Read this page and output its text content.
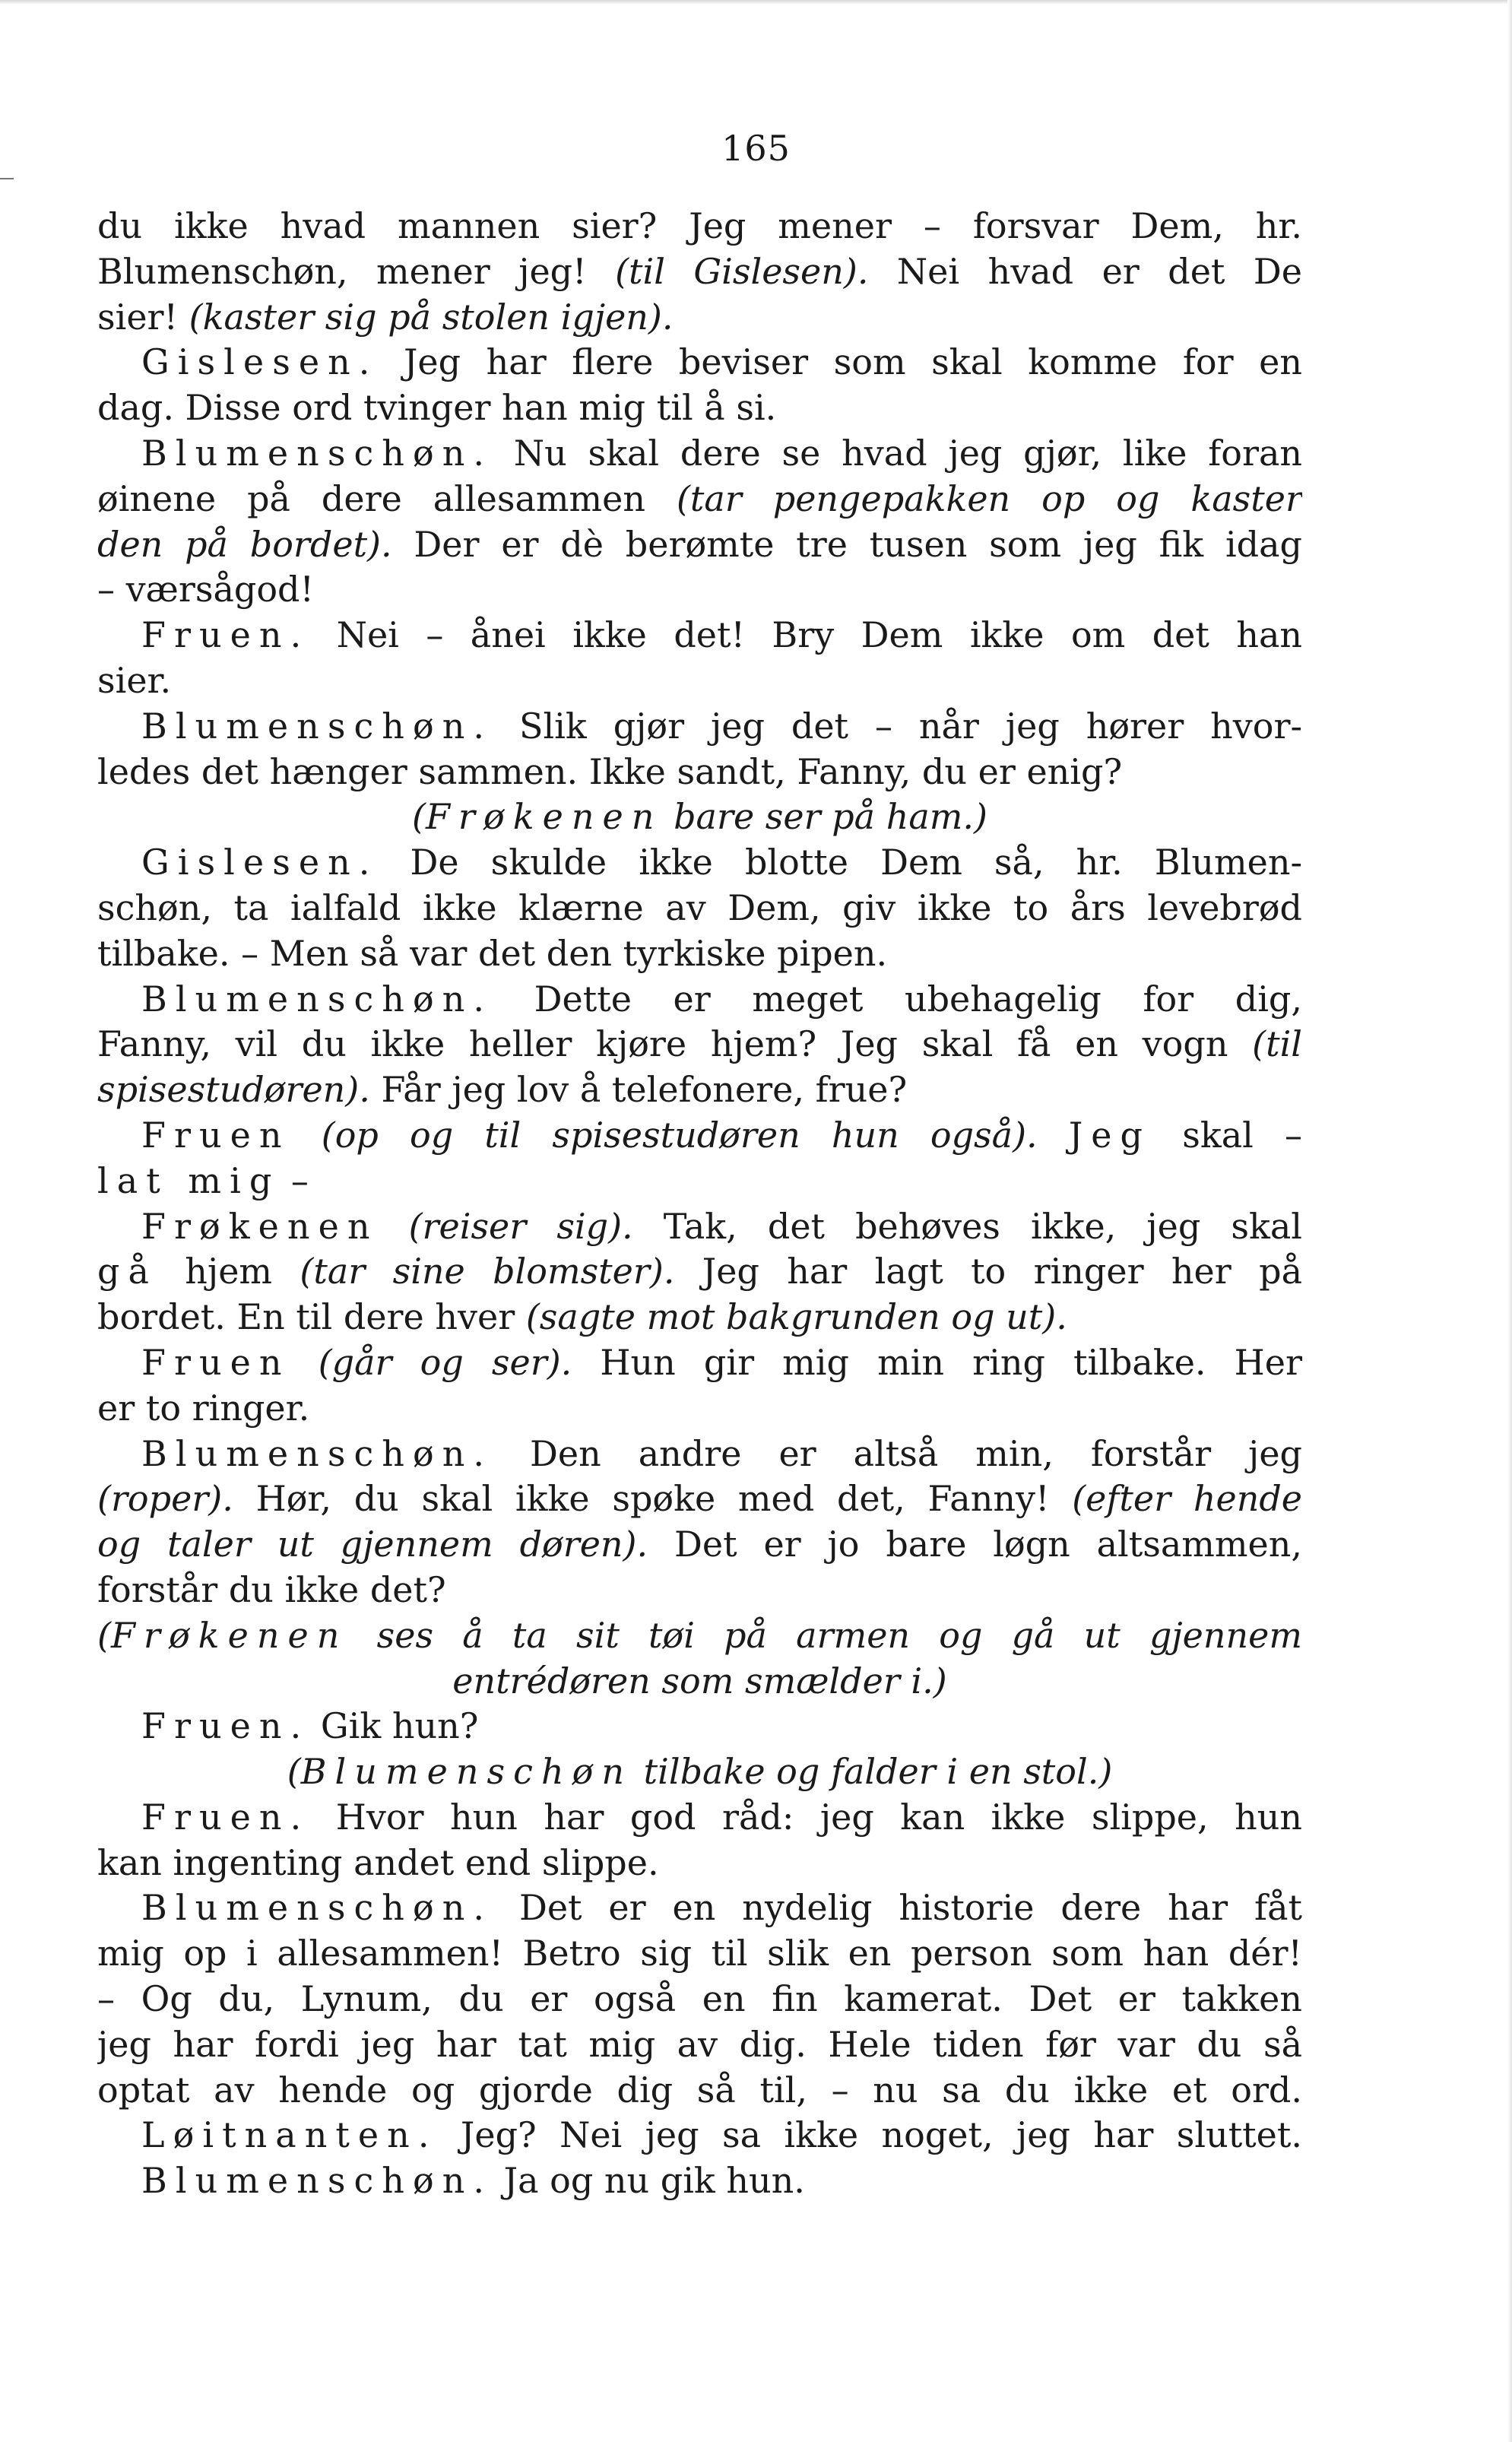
165
du ikke hvad mannen sier? Jeg mener – forsvar Dem, hr.
Blumenschøn, mener jeg! (til Gislesen). Nei hvad er det De
sier! (kaster sig på stolen igjen).
Gislesen. Jeg har flere beviser som skal komme for en
dag. Disse ord tvinger han mig til å si.
Blumenschøn. Nu skal dere se hvad jeg gjør, like foran
øinene på dere allesammen (tar pengepakken op og kaster
den på bordet). Der er dè berømte tre tusen som jeg fik idag
– værsågod!
Fruen. Nei – ånei ikke det! Bry Dem ikke om det han
sier.
Blumenschøn. Slik gjør jeg det – når jeg hører hvor-
ledes det hænger sammen. Ikke sandt, Fanny, du er enig?
(Frøkenen bare ser på ham.)
Gislesen. De skulde ikke blotte Dem så, hr. Blumen-
schøn, ta ialfald ikke klærne av Dem, giv ikke to års levebrød
tilbake. – Men så var det den tyrkiske pipen.
Blumenschøn. Dette er meget ubehagelig for dig,
Fanny, vil du ikke heller kjøre hjem? Jeg skal få en vogn (til
spisestudøren). Får jeg lov å telefonere, frue?
Fruen (op og til spisestudøren hun også). Jeg skal –
lat mig –
Frøkenen (reiser sig). Tak, det behøves ikke, jeg skal
gå hjem (tar sine blomster). Jeg har lagt to ringer her på
bordet. En til dere hver (sagte mot bakgrunden og ut).
Fruen (går og ser). Hun gir mig min ring tilbake. Her
er to ringer.
Blumenschøn. Den andre er altså min, forstår jeg
(roper). Hør, du skal ikke spøke med det, Fanny! (efter hende
og taler ut gjennem døren). Det er jo bare løgn altsammen,
forstår du ikke det?
(Frøkenen ses å ta sit tøi på armen og gå ut gjennem
entrédøren som smælder i.)
Fruen. Gik hun?
(Blumenschøn tilbake og falder i en stol.)
Fruen. Hvor hun har god råd: jeg kan ikke slippe, hun
kan ingenting andet end slippe.
Blumenschøn. Det er en nydelig historie dere har fåt
mig op i allesammen! Betro sig til slik en person som han dér!
– Og du, Lynum, du er også en fin kamerat. Det er takken
jeg har fordi jeg har tat mig av dig. Hele tiden før var du så
optat av hende og gjorde dig så til, – nu sa du ikke et ord.
Løitnanten. Jeg? Nei jeg sa ikke noget, jeg har sluttet.
Blumenschøn. Ja og nu gik hun.
